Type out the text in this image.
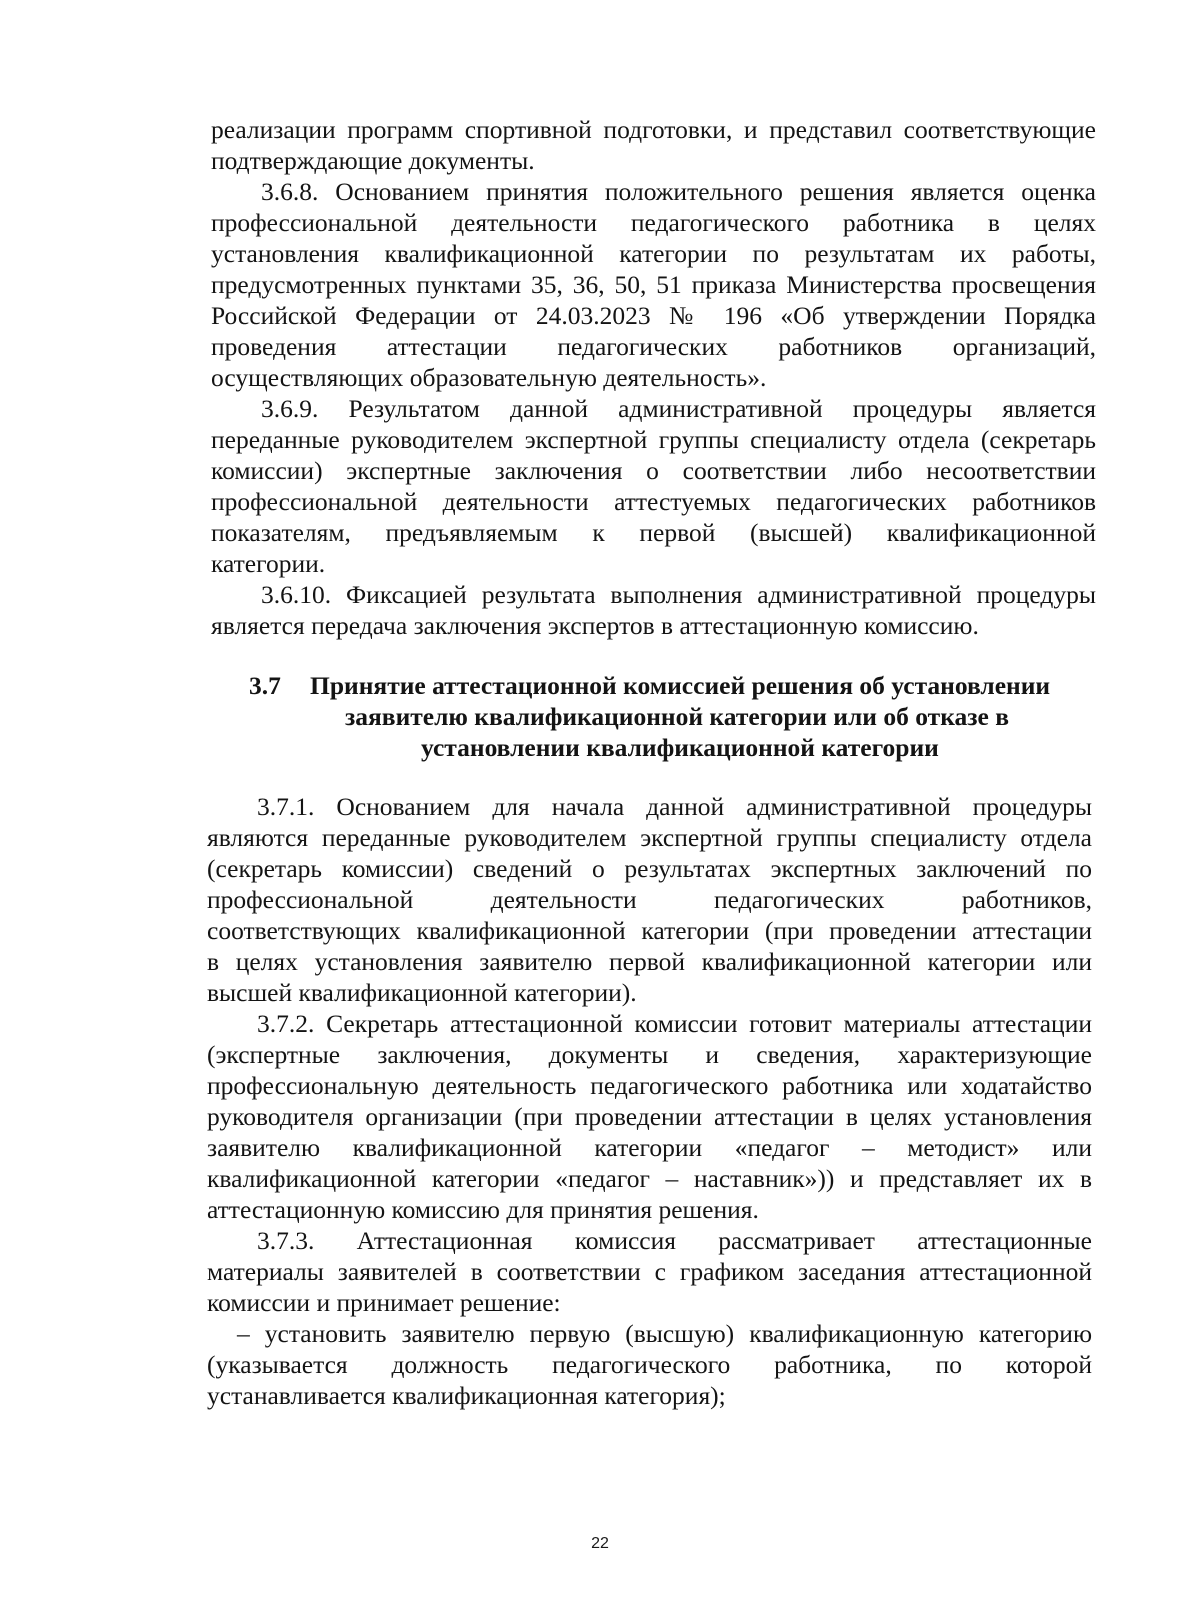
реализации программ спортивной подготовки, и представил соответствующие
подтверждающие документы.
3.6.8. Основанием принятия положительного решения является оценка
профессиональной деятельности педагогического работника в целях
установления квалификационной категории по результатам их работы,
предусмотренных пунктами 35, 36, 50, 51 приказа Министерства просвещения
Российской Федерации от 24.03.2023 № 196 «Об утверждении Порядка
проведения аттестации педагогических работников организаций,
осуществляющих образовательную деятельность».
3.6.9. Результатом данной административной процедуры является
переданные руководителем экспертной группы специалисту отдела (секретарь
комиссии) экспертные заключения о соответствии либо несоответствии
профессиональной деятельности аттестуемых педагогических работников
показателям, предъявляемым к первой (высшей) квалификационной
категории.
3.6.10. Фиксацией результата выполнения административной процедуры
является передача заключения экспертов в аттестационную комиссию.
3.7 Принятие аттестационной комиссией решения об установлении
заявителю квалификационной категории или об отказе в
установлении квалификационной категории
3.7.1. Основанием для начала данной административной процедуры
являются переданные руководителем экспертной группы специалисту отдела
(секретарь комиссии) сведений о результатах экспертных заключений по
профессиональной деятельности педагогических работников,
соответствующих квалификационной категории (при проведении аттестации
в целях установления заявителю первой квалификационной категории или
высшей квалификационной категории).
3.7.2. Секретарь аттестационной комиссии готовит материалы аттестации
(экспертные заключения, документы и сведения, характеризующие
профессиональную деятельность педагогического работника или ходатайство
руководителя организации (при проведении аттестации в целях установления
заявителю квалификационной категории «педагог – методист» или
квалификационной категории «педагог – наставник»)) и представляет их в
аттестационную комиссию для принятия решения.
3.7.3. Аттестационная комиссия рассматривает аттестационные
материалы заявителей в соответствии с графиком заседания аттестационной
комиссии и принимает решение:
– установить заявителю первую (высшую) квалификационную категорию
(указывается должность педагогического работника, по которой
устанавливается квалификационная категория);
22
